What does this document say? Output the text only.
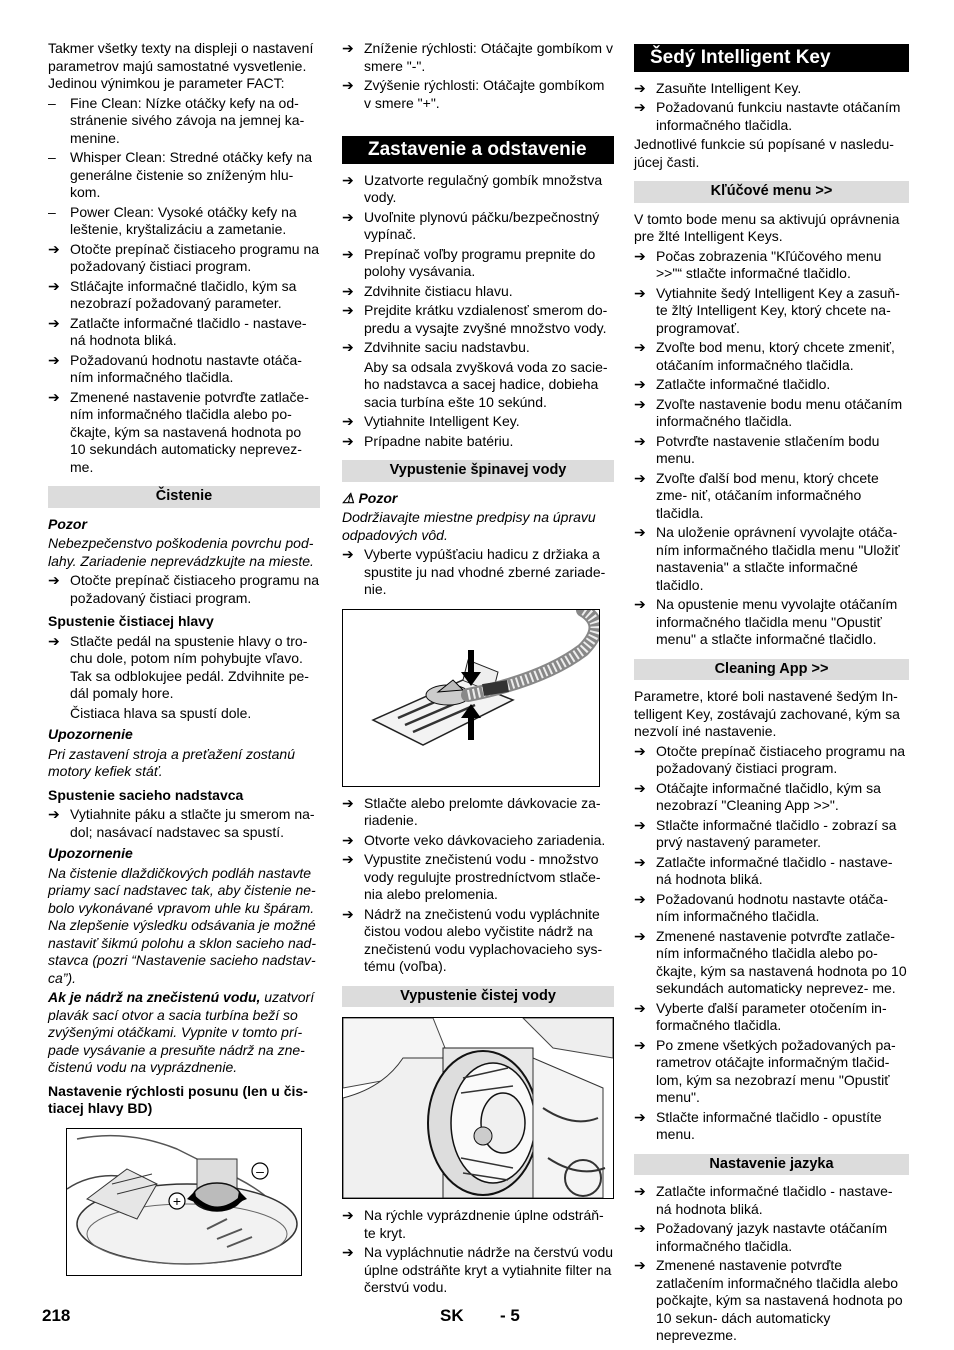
Takmer všetky texty na displeji o nastavení parametrov majú samostatné vysvetlenie. Jedinou výnimkou je parameter FACT:

– Fine Clean: Nízke otáčky kefy na od- stránenie sivého závoja na jemnej ka- menine.
– Whisper Clean: Stredné otáčky kefy na generálne čistenie so zníženým hlu- kom.
– Power Clean: Vysoké otáčky kefy na leštenie, kryštalizáciu a zametanie.
➔ Otočte prepínač čistiaceho programu na požadovaný čistiaci program.
➔ Stláčajte informačné tlačidlo, kým sa nezobrazí požadovaný parameter.
➔ Zatlačte informačné tlačidlo - nastave- ná hodnota bliká.
➔ Požadovanú hodnotu nastavte otáča- ním informačného tlačidla.
➔ Zmenené nastavenie potvrďte zatlače- ním informačného tlačidla alebo po- čkajte, kým sa nastavená hodnota po 10 sekundách automaticky neprevez- me.
Čistenie

Pozor

Nebezpečenstvo poškodenia povrchu pod- lahy. Zariadenie neprevádzkujte na mieste.

➔ Otočte prepínač čistiaceho programu na požadovaný čistiaci program.

Spustenie čistiacej hlavy

➔ Stlačte pedál na spustenie hlavy o tro- chu dole, potom ním pohybujte vľavo. Tak sa odblokujee pedál. Zdvihnite pe- dál pomaly hore.

Čistiaca hlava sa spustí dole.

Upozornenie

Pri zastavení stroja a preťažení zostanú motory kefiek stáť.

Spustenie sacieho nadstavca

➔ Vytiahnite páku a stlačte ju smerom na- dol; nasávací nadstavec sa spustí.

Upozornenie

Na čistenie dlaždičkových podláh nastavte priamy sací nadstavec tak, aby čistenie ne- bolo vykonávané vpravom uhle ku špáram. Na zlepšenie výsledku odsávania je možné nastaviť šikmú polohu a sklon sacieho nad- stavca (pozri “Nastavenie sacieho nadstav- ca”).

Ak je nádrž na znečistenú vodu, uzatvorí plavák sací otvor a sacia turbína beží so zvýšenými otáčkami. Vypnite v tomto prí- pade vysávanie a presuňte nádrž na zne- čistenú vodu na vyprázdnenie.

Nastavenie rýchlosti posunu (len u čis- tiacej hlavy BD)

+
–
➔ Zníženie rýchlosti: Otáčajte gombíkom v smere "-".
➔ Zvýšenie rýchlosti: Otáčajte gombíkom v smere "+".
Zastavenie a odstavenie
➔ Uzatvorte regulačný gombík množstva vody.
➔ Uvoľnite plynovú páčku/bezpečnostný vypínač.
➔ Prepínač voľby programu prepnite do polohy vysávania.
➔ Zdvihnite čistiacu hlavu.
➔ Prejdite krátku vzdialenosť smerom do- predu a vysajte zvyšné množstvo vody.
➔ Zdvihnite saciu nadstavbu.

Aby sa odsala zvyšková voda zo sacie- ho nadstavca a sacej hadice, dobieha sacia turbína ešte 10 sekúnd.

➔ Vytiahnite Intelligent Key.
➔ Prípadne nabite batériu.
Vypustenie špinavej vody

⚠ Pozor

Dodržiavajte miestne predpisy na úpravu odpadových vôd.

➔ Vyberte vypúšťaciu hadicu z držiaka a spustite ju nad vhodné zberné zariade- nie.
➔ Stlačte alebo prelomte dávkovacie za- riadenie.
➔ Otvorte veko dávkovacieho zariadenia.
➔ Vypustite znečistenú vodu - množstvo vody regulujte prostredníctvom stlače- nia alebo prelomenia.
➔ Nádrž na znečistenú vodu vypláchnite čistou vodou alebo vyčistite nádrž na znečistenú vodu vyplachovacieho sys- tému (voľba).
Vypustenie čistej vody
➔ Na rýchle vyprázdnenie úplne odstráň- te kryt.
➔ Na vypláchnutie nádrže na čerstvú vodu úplne odstráňte kryt a vytiahnite filter na čerstvú vodu.
Šedý Intelligent Key
➔ Zasuňte Intelligent Key.
➔ Požadovanú funkciu nastavte otáčaním informačného tlačidla.

Jednotlivé funkcie sú popísané v nasledu- júcej časti.

Kľúčové menu >>

V tomto bode menu sa aktivujú oprávnenia pre žlté Intelligent Keys.

➔ Počas zobrazenia "Kľúčového menu >>"“ stlačte informačné tlačidlo.
➔ Vytiahnite šedý Intelligent Key a zasuň- te žltý Intelligent Key, ktorý chcete na- programovať.
➔ Zvoľte bod menu, ktorý chcete zmeniť, otáčaním informačného tlačidla.
➔ Zatlačte informačné tlačidlo.
➔ Zvoľte nastavenie bodu menu otáčaním informačného tlačidla.
➔ Potvrďte nastavenie stlačením bodu menu.
➔ Zvoľte ďalší bod menu, ktorý chcete zme- niť, otáčaním informačného tlačidla.
➔ Na uloženie oprávnení vyvolajte otáča- ním informačného tlačidla menu "Uložiť nastavenia" a stlačte informačné tlačidlo.
➔ Na opustenie menu vyvolajte otáčaním informačného tlačidla menu "Opustiť menu" a stlačte informačné tlačidlo.
Cleaning App >>

Parametre, ktoré boli nastavené šedým In- telligent Key, zostávajú zachované, kým sa nezvolí iné nastavenie.

➔ Otočte prepínač čistiaceho programu na požadovaný čistiaci program.
➔ Otáčajte informačné tlačidlo, kým sa nezobrazí "Cleaning App >>".
➔ Stlačte informačné tlačidlo - zobrazí sa prvý nastavený parameter.
➔ Zatlačte informačné tlačidlo - nastave- ná hodnota bliká.
➔ Požadovanú hodnotu nastavte otáča- ním informačného tlačidla.
➔ Zmenené nastavenie potvrďte zatlače- ním informačného tlačidla alebo po- čkajte, kým sa nastavená hodnota po 10 sekundách automaticky neprevez- me.
➔ Vyberte ďalší parameter otočením in- formačného tlačidla.
➔ Po zmene všetkých požadovaných pa- rametrov otáčajte informačným tlačid- lom, kým sa nezobrazí menu "Opustiť menu".
➔ Stlačte informačné tlačidlo - opustíte menu.
Nastavenie jazyka
➔ Zatlačte informačné tlačidlo - nastave- ná hodnota bliká.
➔ Požadovaný jazyk nastavte otáčaním informačného tlačidla.
➔ Zmenené nastavenie potvrďte zatlačením informačného tlačidla alebo počkajte, kým sa nastavená hodnota po 10 sekun- dách automaticky neprevezme.
218	SK - 5
